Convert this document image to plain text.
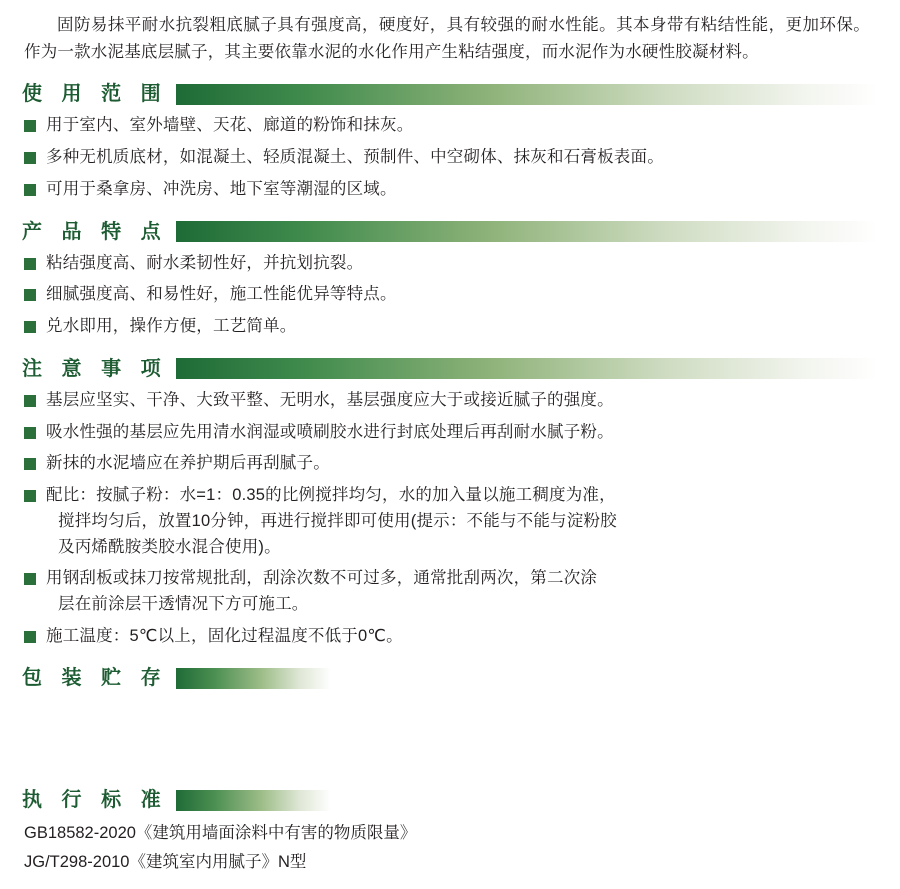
固防易抹平耐水抗裂粗底腻子具有强度高，硬度好，具有较强的耐水性能。其本身带有粘结性能，更加环保。作为一款水泥基底层腻子，其主要依靠水泥的水化作用产生粘结强度，而水泥作为水硬性胶凝材料。

使 用 范 围
用于室内、室外墙壁、天花、廊道的粉饰和抹灰。
多种无机质底材，如混凝土、轻质混凝土、预制件、中空砌体、抹灰和石膏板表面。
可用于桑拿房、冲洗房、地下室等潮湿的区域。
产 品 特 点
粘结强度高、耐水柔韧性好，并抗划抗裂。
细腻强度高、和易性好，施工性能优异等特点。
兑水即用，操作方便，工艺简单。
注 意 事 项
基层应坚实、干净、大致平整、无明水，基层强度应大于或接近腻子的强度。
吸水性强的基层应先用清水润湿或喷刷胶水进行封底处理后再刮耐水腻子粉。
新抹的水泥墙应在养护期后再刮腻子。
配比：按腻子粉：水=1：0.35的比例搅拌均匀，水的加入量以施工稠度为准，
搅拌均匀后，放置10分钟，再进行搅拌即可使用(提示：不能与不能与淀粉胶
及丙烯酰胺类胶水混合使用)。
用钢刮板或抹刀按常规批刮，刮涂次数不可过多，通常批刮两次，第二次涂
层在前涂层干透情况下方可施工。
施工温度：5℃以上，固化过程温度不低于0℃。
包 装 贮 存
执 行 标 准
GB18582-2020《建筑用墙面涂料中有害的物质限量》
JG/T298-2010《建筑室内用腻子》N型
